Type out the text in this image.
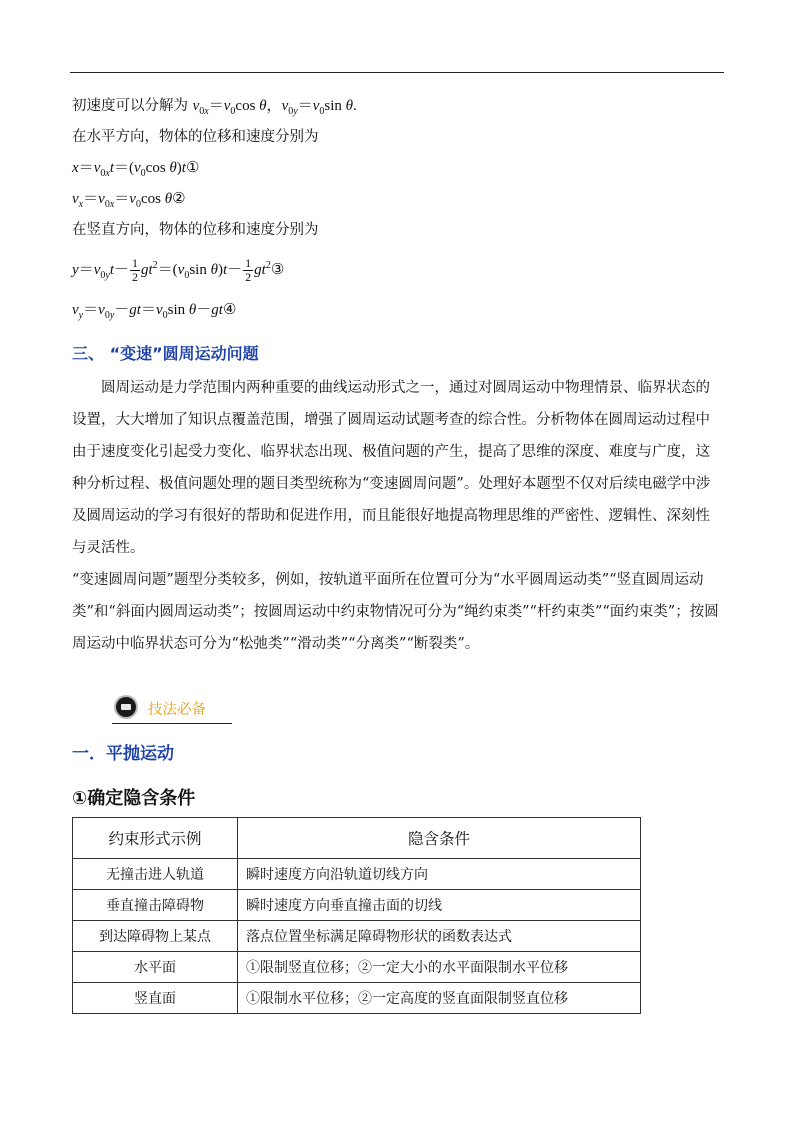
初速度可以分解为 $v_{0x}=v_0\cos$ θ，$v_{0y}=v_0\sin$ θ.
在水平方向，物体的位移和速度分别为
$x=v_{0x}t=(v_0\cos$ θ)t①
$v_x=v_{0x}=v_0\cos$ θ②
在竖直方向，物体的位移和速度分别为
$y=v_{0y}t- \frac{1}{2} gt^2=(v_0\sin$ $\theta)t- \frac{1}{2}$ $gt^2③$
$v_y=v_{0y}-gt=v_0\sin$ θ－gt④
三、 “变速”圆周运动问题
圆周运动是力学范围内两种重要的曲线运动形式之一，通过对圆周运动中物理情景、临界状态的设置，大大增加了知识点覆盖范围，增强了圆周运动试题考查的综合性。分析物体在圆周运动过程中由于速度变化引起受力变化、临界状态出现、极值问题的产生，提高了思维的深度、难度与广度，这种分析过程、极值问题处理的题目类型统称为“变速圆周问题”。处理好本题型不仅对后续电磁学中涉及圆周运动的学习有很好的帮助和促进作用，而且能很好地提高物理思维的严密性、逻辑性、深刻性与灵活性。
“变速圆周问题”题型分类较多，例如，按轨道平面所在位置可分为“水平圆周运动类”“竖直圆周运动类”和“斜面内圆周运动类”；按圆周运动中约束物情况可分为“绳约束类”“杆约束类”“面约束类”；按圆周运动中临界状态可分为“松弛类”“滑动类”“分离类”“断裂类”。
技法必备
一．平抛运动
①确定隐含条件
约束形式示例	隐含条件
无撞击进人轨道	瞬时速度方向沿轨道切线方向
垂直撞击障碍物	瞬时速度方向垂直撞击面的切线
到达障碍物上某点	落点位置坐标满足障碍物形状的函数表达式
水平面	①限制竖直位移；②一定大小的水平面限制水平位移
竖直面	①限制水平位移；②一定高度的竖直面限制竖直位移
